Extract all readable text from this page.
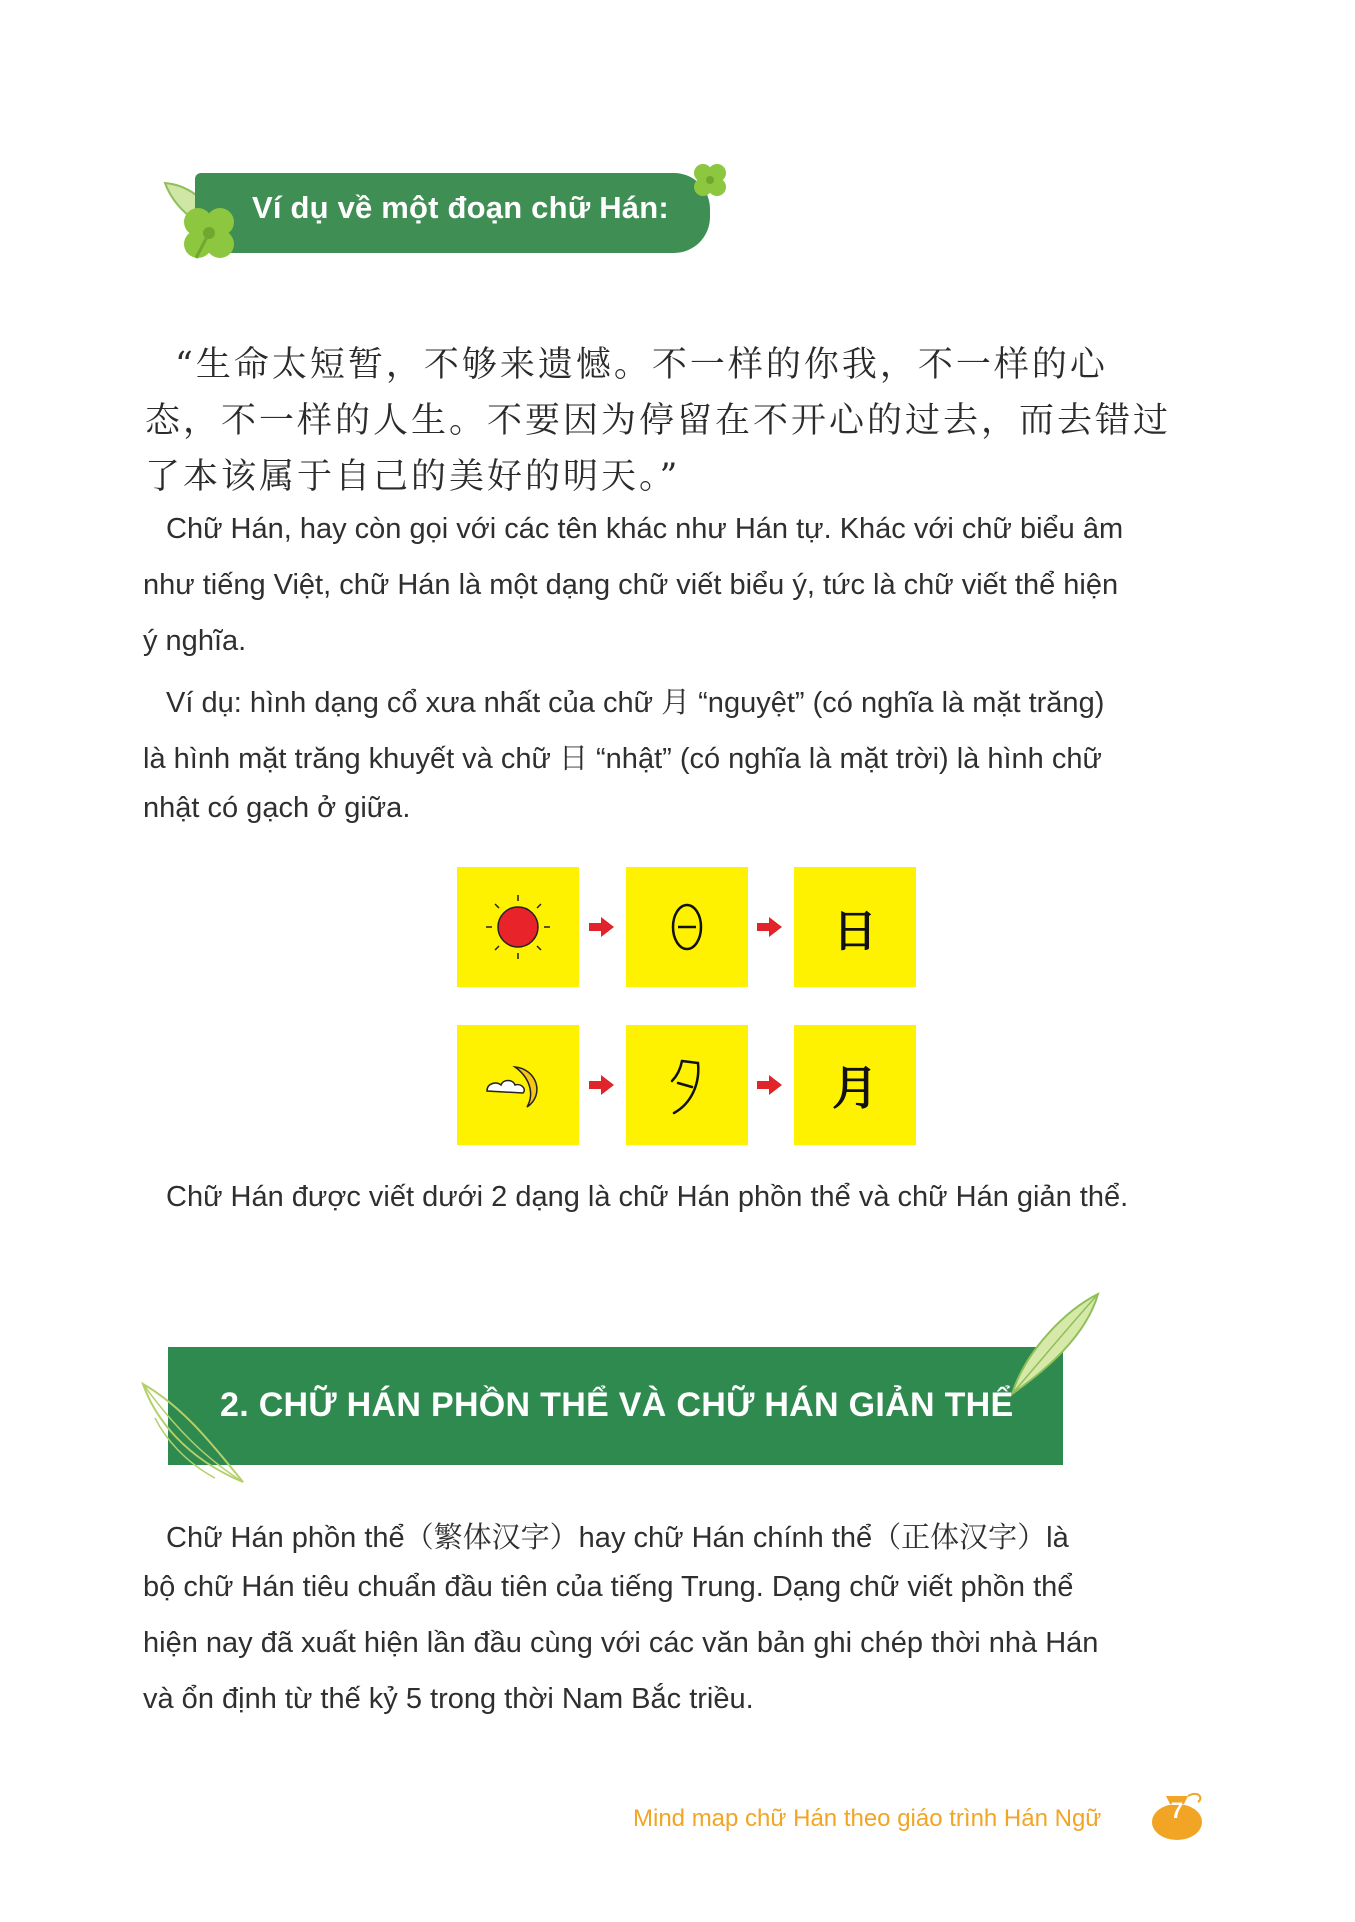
Ví dụ về một đoạn chữ Hán:
“生命太短暂，不够来遗憾。不一样的你我，不一样的心
态，不一样的人生。不要因为停留在不开心的过去，而去错过
了本该属于自己的美好的明天。”
Chữ Hán, hay còn gọi với các tên khác như Hán tự. Khác với chữ biểu âm
như tiếng Việt, chữ Hán là một dạng chữ viết biểu ý, tức là chữ viết thể hiện
ý nghĩa.
Ví dụ: hình dạng cổ xưa nhất của chữ 月 “nguyệt” (có nghĩa là mặt trăng)
là hình mặt trăng khuyết và chữ 日 “nhật” (có nghĩa là mặt trời) là hình chữ
nhật có gạch ở giữa.
日
月
Chữ Hán được viết dưới 2 dạng là chữ Hán phồn thể và chữ Hán giản thể.
2. CHỮ HÁN PHỒN THỂ VÀ CHỮ HÁN GIẢN THỂ
Chữ Hán phồn thể（繁体汉字）hay chữ Hán chính thể（正体汉字）là
bộ chữ Hán tiêu chuẩn đầu tiên của tiếng Trung. Dạng chữ viết phồn thể
hiện nay đã xuất hiện lần đầu cùng với các văn bản ghi chép thời nhà Hán
và ổn định từ thế kỷ 5 trong thời Nam Bắc triều.
Mind map chữ Hán theo giáo trình Hán Ngữ	7
